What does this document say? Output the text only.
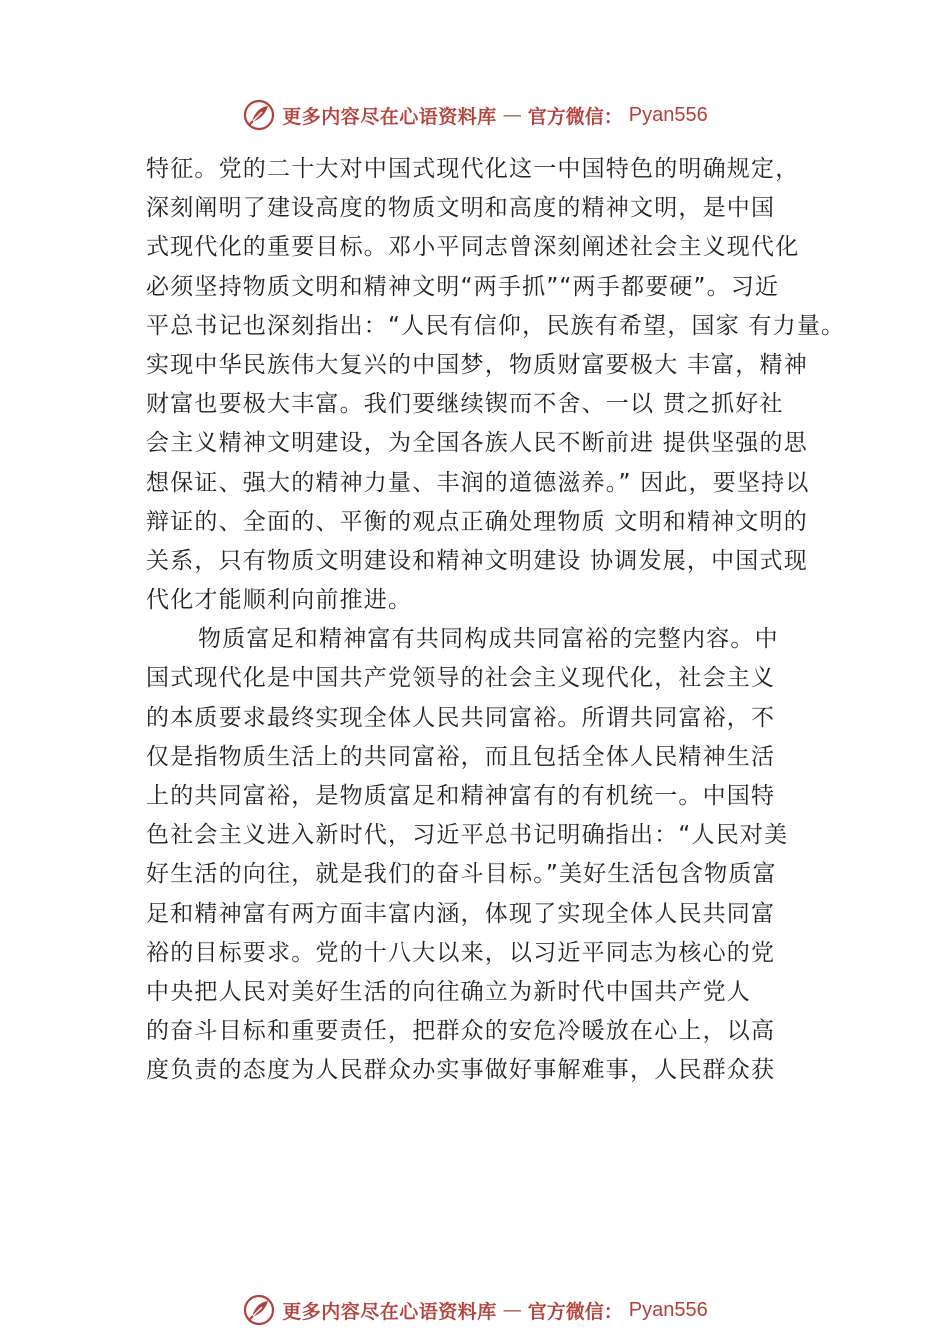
更多内容尽在心语资料库 — 官方微信： Pyan556
特征。党的二十大对中国式现代化这一中国特色的明确规定，
深刻阐明了建设高度的物质文明和高度的精神文明，是中国
式现代化的重要目标。邓小平同志曾深刻阐述社会主义现代化
必须坚持物质文明和精神文明“两手抓”“两手都要硬”。习近
平总书记也深刻指出：“人民有信仰，民族有希望，国家 有力量。
实现中华民族伟大复兴的中国梦，物质财富要极大 丰富，精神
财富也要极大丰富。我们要继续锲而不舍、一以 贯之抓好社
会主义精神文明建设，为全国各族人民不断前进 提供坚强的思
想保证、强大的精神力量、丰润的道德滋养。” 因此，要坚持以
辩证的、全面的、平衡的观点正确处理物质 文明和精神文明的
关系，只有物质文明建设和精神文明建设 协调发展，中国式现
代化才能顺利向前推进。
物质富足和精神富有共同构成共同富裕的完整内容。中
国式现代化是中国共产党领导的社会主义现代化，社会主义
的本质要求最终实现全体人民共同富裕。所谓共同富裕，不
仅是指物质生活上的共同富裕，而且包括全体人民精神生活
上的共同富裕，是物质富足和精神富有的有机统一。中国特
色社会主义进入新时代，习近平总书记明确指出：“人民对美
好生活的向往，就是我们的奋斗目标。”美好生活包含物质富
足和精神富有两方面丰富内涵，体现了实现全体人民共同富
裕的目标要求。党的十八大以来，以习近平同志为核心的党
中央把人民对美好生活的向往确立为新时代中国共产党人
的奋斗目标和重要责任，把群众的安危冷暖放在心上，以高
度负责的态度为人民群众办实事做好事解难事，人民群众获
更多内容尽在心语资料库 — 官方微信： Pyan556
